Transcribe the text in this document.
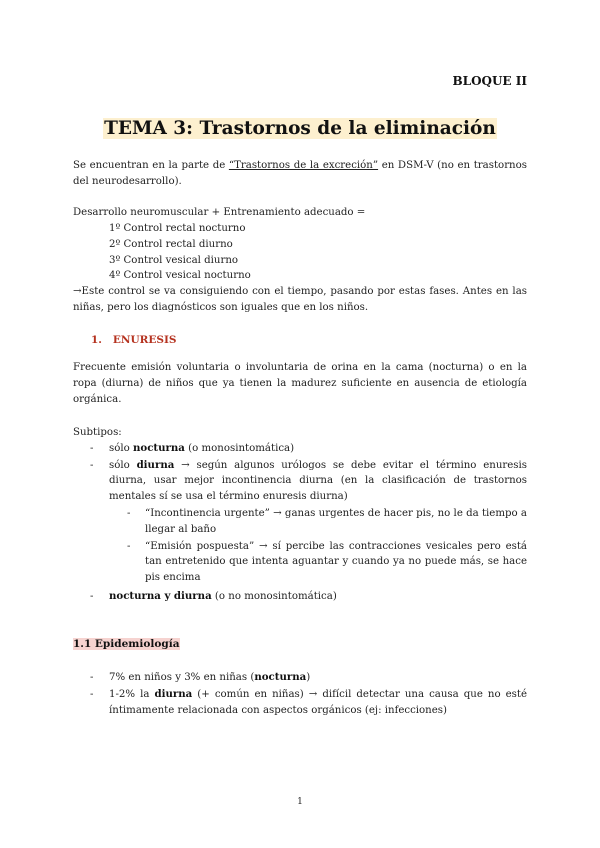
BLOQUE II
TEMA 3: Trastornos de la eliminación
Se encuentran en la parte de “Trastornos de la excreción” en DSM-V (no en trastornos del neurodesarrollo).
Desarrollo neuromuscular + Entrenamiento adecuado =
1º Control rectal nocturno
2º Control rectal diurno
3º Control vesical diurno
4º Control vesical nocturno
→Este control se va consiguiendo con el tiempo, pasando por estas fases. Antes en las niñas, pero los diagnósticos son iguales que en los niños.
1.   ENURESIS
Frecuente emisión voluntaria o involuntaria de orina en la cama (nocturna) o en la ropa (diurna) de niños que ya tienen la madurez suficiente en ausencia de etiología orgánica.
Subtipos:
- sólo nocturna (o monosintomática)
- sólo diurna → según algunos urólogos se debe evitar el término enuresis diurna, usar mejor incontinencia diurna (en la clasificación de trastornos mentales sí se usa el término enuresis diurna)
- “Incontinencia urgente” → ganas urgentes de hacer pis, no le da tiempo a llegar al baño
- “Emisión pospuesta” → sí percibe las contracciones vesicales pero está tan entretenido que intenta aguantar y cuando ya no puede más, se hace pis encima
- nocturna y diurna (o no monosintomática)
1.1 Epidemiología
- 7% en niños y 3% en niñas (nocturna)
- 1-2% la diurna (+ común en niñas) → difícil detectar una causa que no esté íntimamente relacionada con aspectos orgánicos (ej: infecciones)
1
